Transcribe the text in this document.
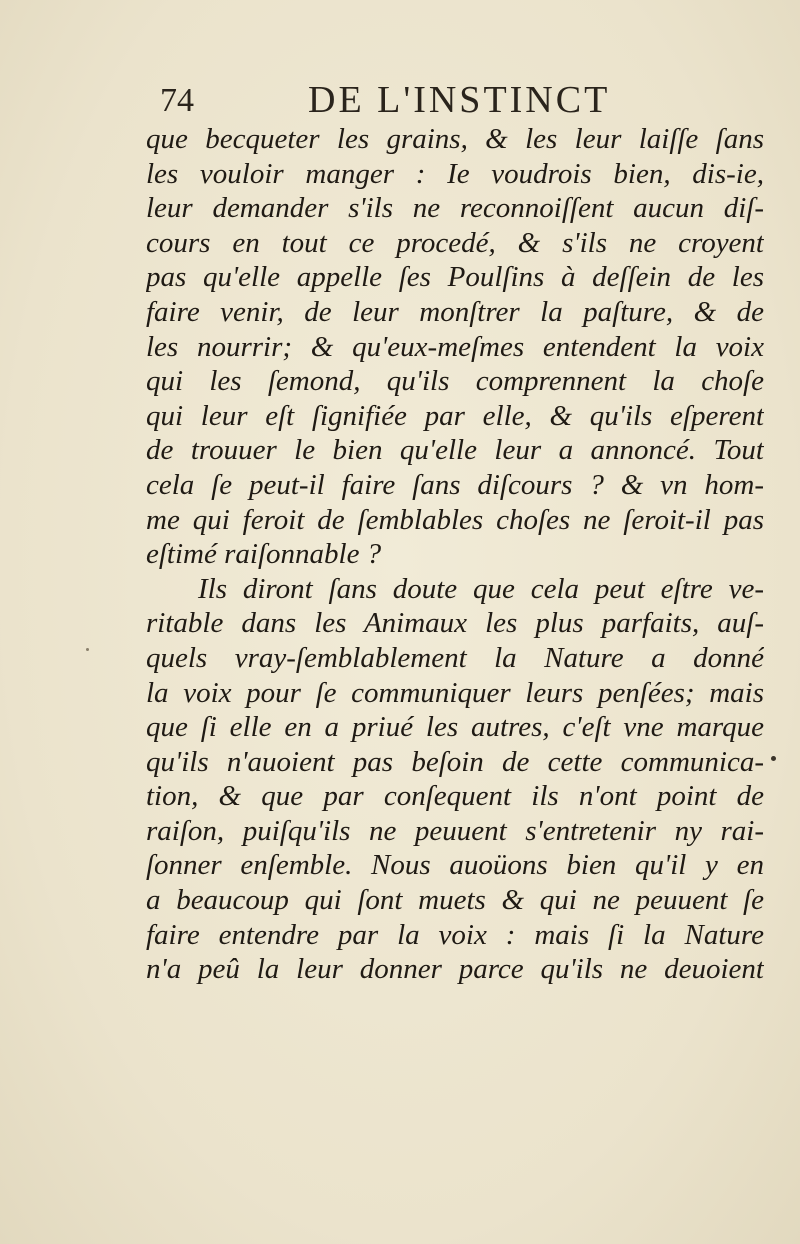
74	DE L'INSTINCT
que becqueter les grains, & les leur laiſſe ſans
les vouloir manger : Ie voudrois bien, dis-ie,
leur demander s'ils ne reconnoiſſent aucun diſ-
cours en tout ce procedé, & s'ils ne croyent
pas qu'elle appelle ſes Poulſins à deſſein de les
faire venir, de leur monſtrer la paſture, & de
les nourrir; & qu'eux-meſmes entendent la voix
qui les ſemond, qu'ils comprennent la choſe
qui leur eſt ſignifiée par elle, & qu'ils eſperent
de trouuer le bien qu'elle leur a annoncé. Tout
cela ſe peut-il faire ſans diſcours ? & vn hom-
me qui feroit de ſemblables choſes ne ſeroit-il pas
eſtimé raiſonnable ?
Ils diront ſans doute que cela peut eſtre ve-
ritable dans les Animaux les plus parfaits, auſ-
quels vray-ſemblablement la Nature a donné
la voix pour ſe communiquer leurs penſées; mais
que ſi elle en a priué les autres, c'eſt vne marque
qu'ils n'auoient pas beſoin de cette communica-
tion, & que par conſequent ils n'ont point de
raiſon, puiſqu'ils ne peuuent s'entretenir ny rai-
ſonner enſemble. Nous auoüons bien qu'il y en
a beaucoup qui ſont muets & qui ne peuuent ſe
faire entendre par la voix : mais ſi la Nature
n'a peû la leur donner parce qu'ils ne deuoient
